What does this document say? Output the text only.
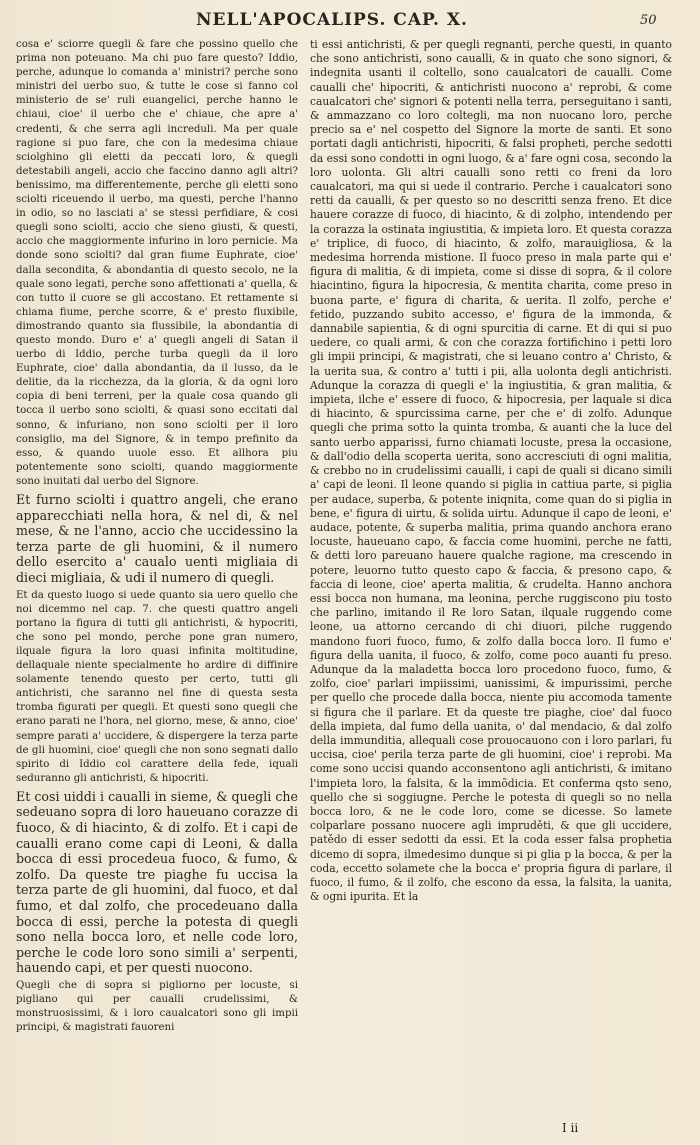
NELL'APOCALIPS. CAP. X.	50

cosa e' sciorre quegli & fare che possino quello che prima non poteuano. Ma chi puo fare questo? Iddio, perche, adunque lo comanda a' ministri? perche sono ministri del uerbo suo, & tutte le cose si fanno col ministerio de se' ruli euangelici, perche hanno le chiaui, cioe' il uerbo che e' chiaue, che apre a' credenti, & che serra agli increduli. Ma per quale ragione si puo fare, che con la medesima chiaue sciolghino gli eletti da peccati loro, & quegli detestabili angeli, accio che faccino danno agli altri? benissimo, ma differentemente, perche gli eletti sono sciolti riceuendo il uerbo, ma questi, perche l'hanno in odio, so no lasciati a' se stessi perfidiare, & cosi quegli sono sciolti, accio che sieno giusti, & questi, accio che maggiormente infurino in loro pernicie. Ma donde sono sciolti? dal gran fiume Euphrate, cioe' dalla secondita, & abondantia di questo secolo, ne la quale sono legati, perche sono affettionati a' quella, & con tutto il cuore se gli accostano. Et rettamente si chiama fiume, perche scorre, & e' presto fluxibile, dimostrando quanto sia flussibile, la abondantia di questo mondo. Duro e' a' quegli angeli di Satan il uerbo di Iddio, perche turba quegli da il loro Euphrate, cioe' dalla abondantia, da il lusso, da le delitie, da la ricchezza, da la gloria, & da ogni loro copia di beni terreni, per la quale cosa quando gli tocca il uerbo sono sciolti, & quasi sono eccitati dal sonno, & infuriano, non sono sciolti per il loro consiglio, ma del Signore, & in tempo prefinito da esso, & quando uuole esso. Et allhora piu potentemente sono sciolti, quando maggiormente sono inuitati dal uerbo del Signore.

Et furno sciolti i quattro angeli, che erano apparecchiati nella hora, & nel di, & nel mese, & ne l'anno, accio che uccidessino la terza parte de gli huomini, & il numero dello esercito a' caualo uenti migliaia di dieci migliaia, & udi il numero di quegli.

Et da questo luogo si uede quanto sia uero quello che noi dicemmo nel cap. 7. che questi quattro angeli portano la figura di tutti gli antichristi, & hypocriti, che sono pel mondo, perche pone gran numero, ilquale figura la loro quasi infinita moltitudine, dellaquale niente specialmente ho ardire di diffinire solamente tenendo questo per certo, tutti gli antichristi, che saranno nel fine di questa sesta tromba figurati per quegli. Et questi sono quegli che erano parati ne l'hora, nel giorno, mese, & anno, cioe' sempre parati a' uccidere, & dispergere la terza parte de gli huomini, cioe' quegli che non sono segnati dallo spirito di Iddio col carattere della fede, iquali seduranno gli antichristi, & hipocriti.

Et cosi uiddi i caualli in sieme, & quegli che sedeuano sopra di loro haueuano corazze di fuoco, & di hiacinto, & di zolfo. Et i capi de caualli erano come capi di Leoni, & dalla bocca di essi procedeua fuoco, & fumo, & zolfo. Da queste tre piaghe fu uccisa la terza parte de gli huomini, dal fuoco, et dal fumo, et dal zolfo, che procedeuano dalla bocca di essi, perche la potesta di quegli sono nella bocca loro, et nelle code loro, perche le code loro sono simili a' serpenti, hauendo capi, et per questi nuocono.

Quegli che di sopra si pigliorno per locuste, si pigliano qui per caualli crudelissimi, & monstruosissimi, & i loro caualcatori sono gli impii principi, & magistrati fauoreni

ti essi antichristi, & per quegli regnanti, perche questi, in quanto che sono antichristi, sono caualli, & in quato che sono signori, & indegnita usanti il coltello, sono caualcatori de caualli. Come caualli che' hipocriti, & antichristi nuocono a' reprobi, & come caualcatori che' signori & potenti nella terra, perseguitano i santi, & ammazzano co loro coltegli, ma non nuocano loro, perche precio sa e' nel cospetto del Signore la morte de santi. Et sono portati dagli antichristi, hipocriti, & falsi propheti, perche sedotti da essi sono condotti in ogni luogo, & a' fare ogni cosa, secondo la loro uolonta. Gli altri caualli sono retti co freni da loro caualcatori, ma qui si uede il contrario. Perche i caualcatori sono retti da caualli, & per questo so no descritti senza freno. Et dice hauere corazze di fuoco, di hiacinto, & di zolpho, intendendo per la corazza la ostinata ingiustitia, & impieta loro. Et questa corazza e' triplice, di fuoco, di hiacinto, & zolfo, marauigliosa, & la medesima horrenda mistione. Il fuoco preso in mala parte qui e' figura di malitia, & di impieta, come si disse di sopra, & il colore hiacintino, figura la hipocresia, & mentita charita, come preso in buona parte, e' figura di charita, & uerita. Il zolfo, perche e' fetido, puzzando subito accesso, e' figura de la immonda, & dannabile sapientia, & di ogni spurcitia di carne. Et di qui si puo uedere, co quali armi, & con che corazza fortifichino i petti loro gli impii principi, & magistrati, che si leuano contro a' Christo, & la uerita sua, & contro a' tutti i pii, alla uolonta degli antichristi. Adunque la corazza di quegli e' la ingiustitia, & gran malitia, & impieta, ilche e' essere di fuoco, & hipocresia, per laquale si dica di hiacinto, & spurcissima carne, per che e' di zolfo. Adunque quegli che prima sotto la quinta tromba, & auanti che la luce del santo uerbo apparissi, furno chiamati locuste, presa la occasione, & dall'odio della scoperta uerita, sono accresciuti di ogni malitia, & crebbo no in crudelissimi caualli, i capi de quali si dicano simili a' capi de leoni. Il leone quando si piglia in cattiua parte, si piglia per audace, superba, & potente iniqnita, come quan do si piglia in bene, e' figura di uirtu, & solida uirtu. Adunque il capo de leoni, e' audace, potente, & superba malitia, prima quando anchora erano locuste, haueuano capo, & faccia come huomini, perche ne fatti, & detti loro pareuano hauere qualche ragione, ma crescendo in potere, leuorno tutto questo capo & faccia, & presono capo, & faccia di leone, cioe' aperta malitia, & crudelta. Hanno anchora essi bocca non humana, ma leonina, perche ruggiscono piu tosto che parlino, imitando il Re loro Satan, ilquale ruggendo come leone, ua attorno cercando di chi diuori, pilche ruggendo mandono fuori fuoco, fumo, & zolfo dalla bocca loro. Il fumo e' figura della uanita, il fuoco, & zolfo, come poco auanti fu preso. Adunque da la maladetta bocca loro procedono fuoco, fumo, & zolfo, cioe' parlari impiissimi, uanissimi, & impurissimi, perche per quello che procede dalla bocca, niente piu accomoda tamente si figura che il parlare. Et da queste tre piaghe, cioe' dal fuoco della impieta, dal fumo della uanita, o' dal mendacio, & dal zolfo della immunditia, allequali cose prouocauono con i loro parlari, fu uccisa, cioe' perila terza parte de gli huomini, cioe' i reprobi. Ma come sono uccisi quando acconsentono agli antichristi, & imitano l'impieta loro, la falsita, & la immõdicia. Et conferma qsto seno, quello che si soggiugne. Perche le potesta di quegli so no nella bocca loro, & ne le code loro, come se dicesse. So lamete colparlare possano nuocere agli impruděti, & que gli uccidere, patědo di esser sedotti da essi. Et la coda esser falsa prophetia dicemo di sopra, ilmedesimo dunque si pi glia p la bocca, & per la coda, eccetto solamete che la bocca e' propria figura di parlare, il fuoco, il fumo, & il zolfo, che escono da essa, la falsita, la uanita, & ogni ipurita. Et la

I ii
